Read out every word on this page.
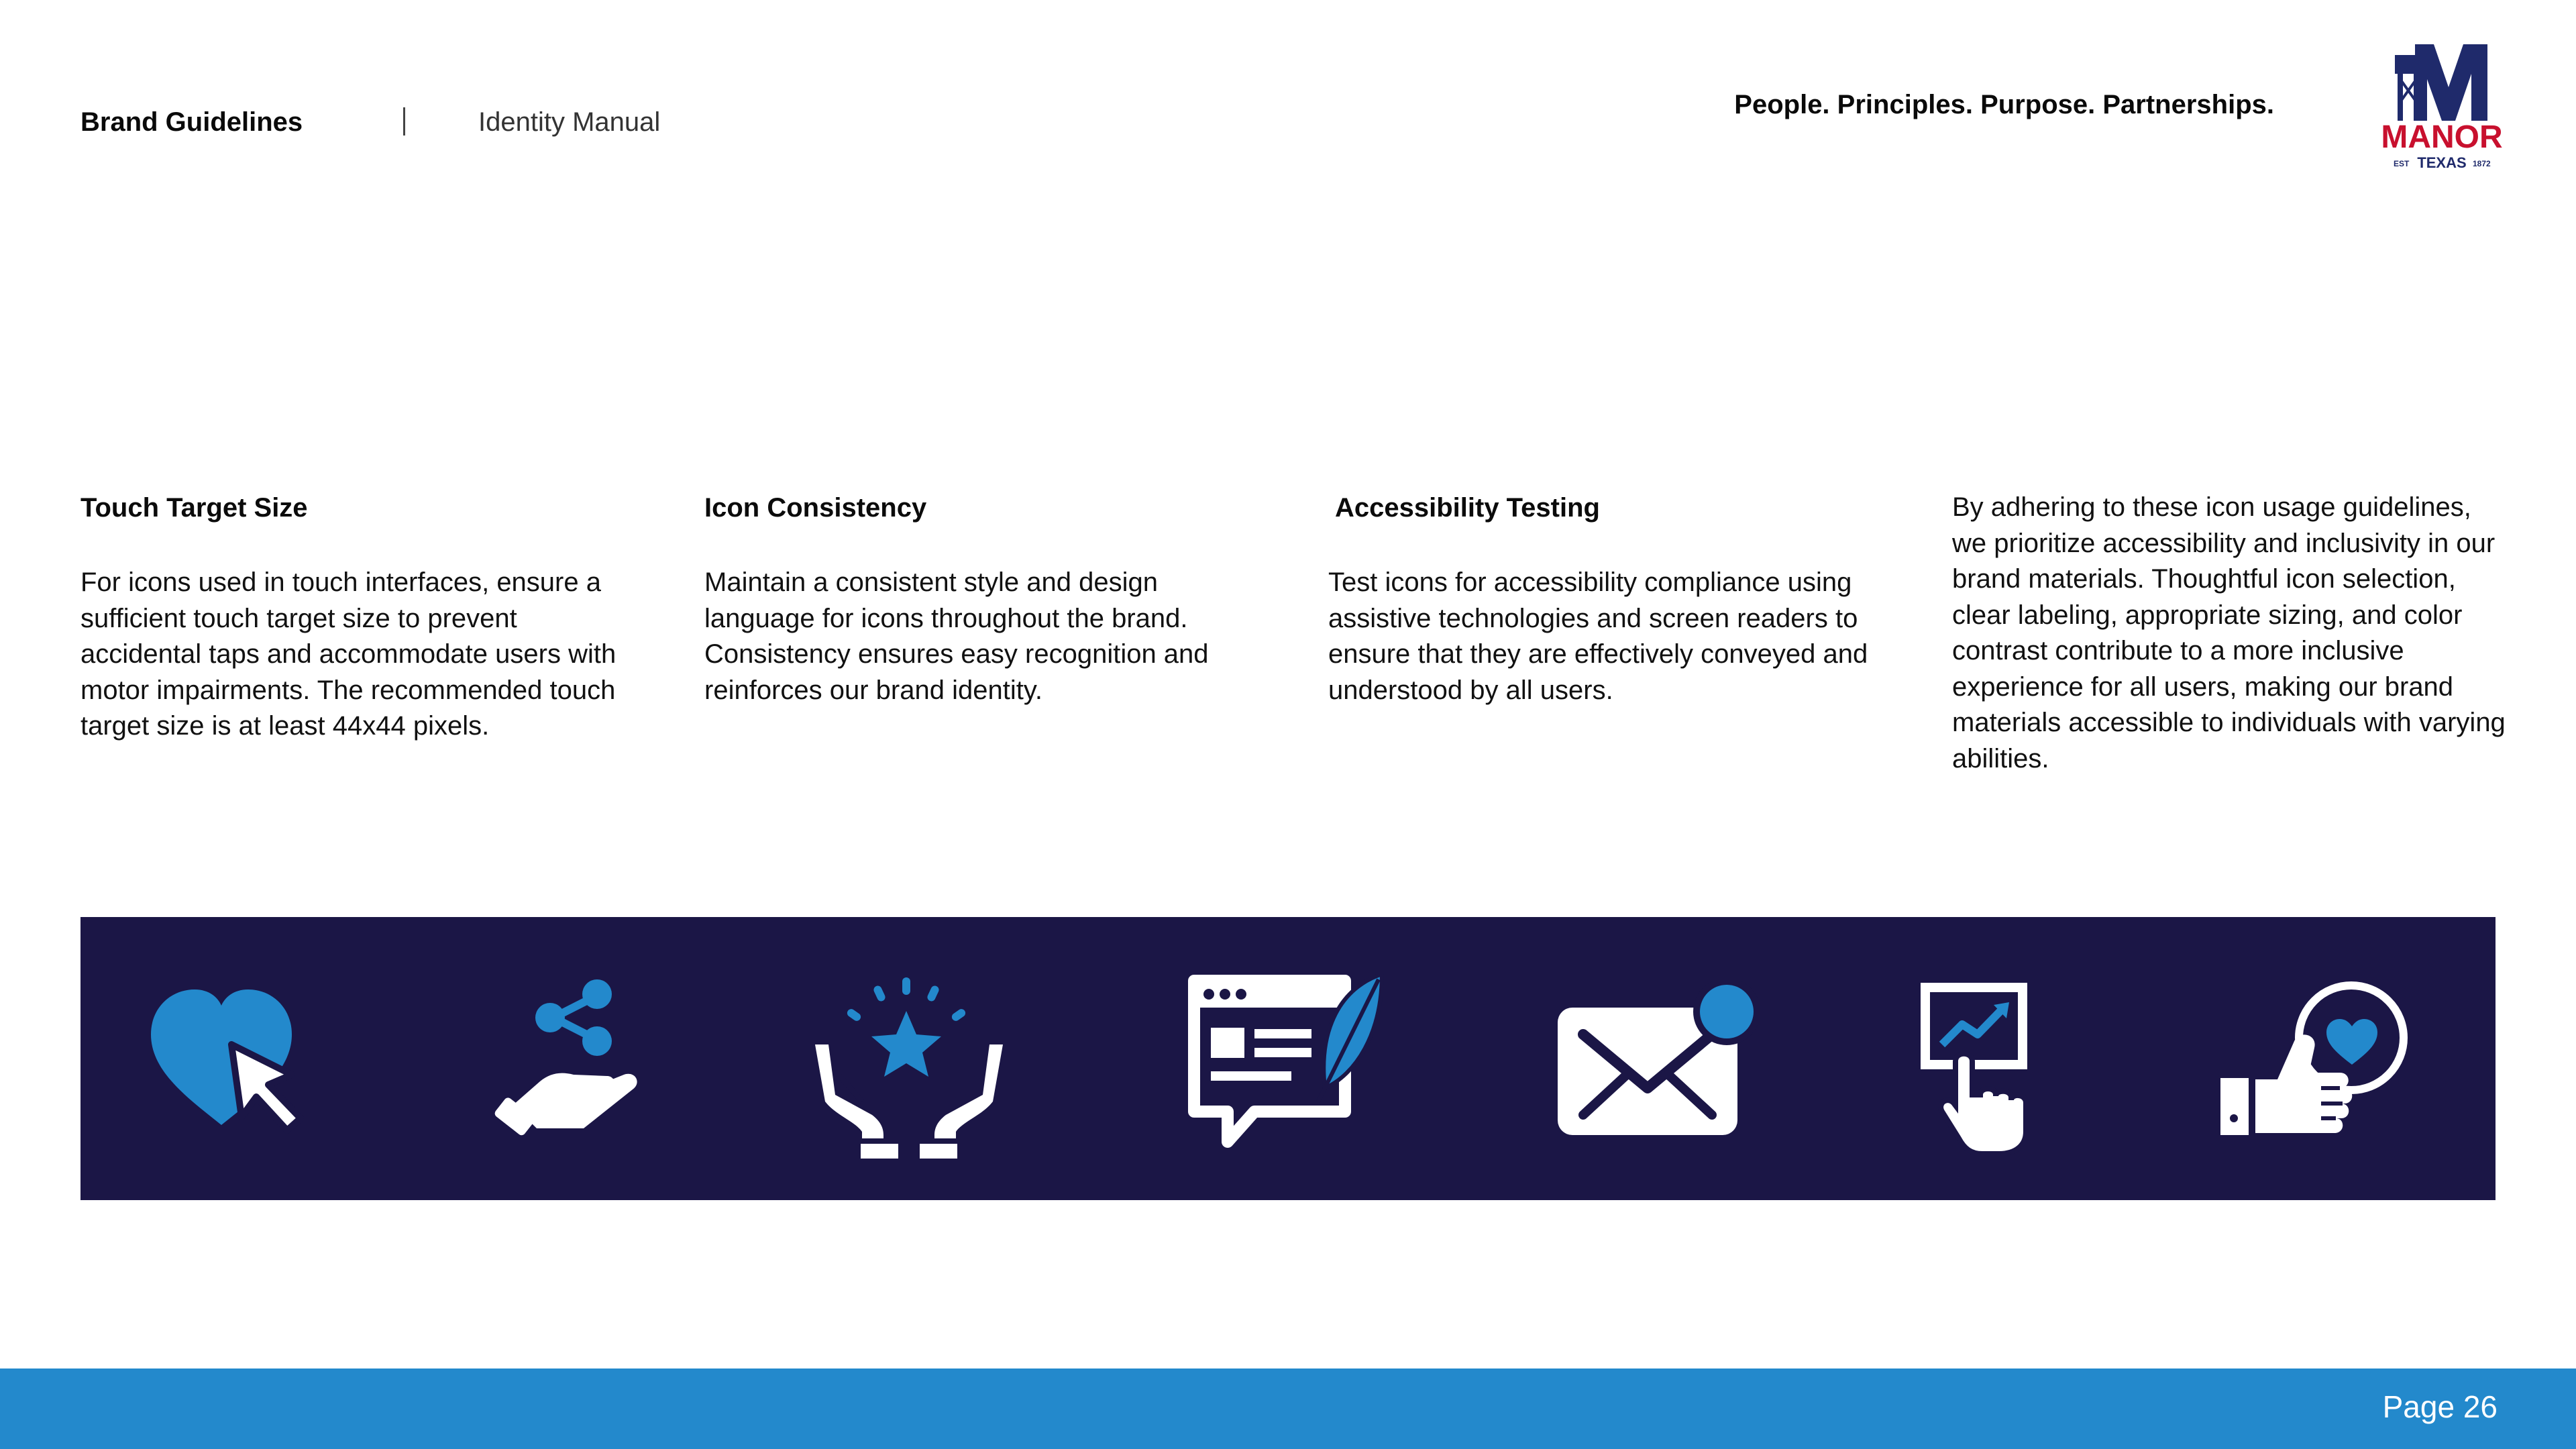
Brand Guidelines	Identity Manual
People. Principles. Purpose. Partnerships.
MANOR
EST TEXAS 1872
Touch Target Size

For icons used in touch interfaces, ensure a sufficient touch target size to prevent accidental taps and accommodate users with motor impairments. The recommended touch target size is at least 44x44 pixels.

Icon Consistency

Maintain a consistent style and design language for icons throughout the brand. Consistency ensures easy recognition and reinforces our brand identity.

Accessibility Testing

Test icons for accessibility compliance using assistive technologies and screen readers to ensure that they are effectively conveyed and understood by all users.

By adhering to these icon usage guidelines, we prioritize accessibility and inclusivity in our brand materials. Thoughtful icon selection, clear labeling, appropriate sizing, and color contrast contribute to a more inclusive experience for all users, making our brand materials accessible to individuals with varying abilities.

Page 26
